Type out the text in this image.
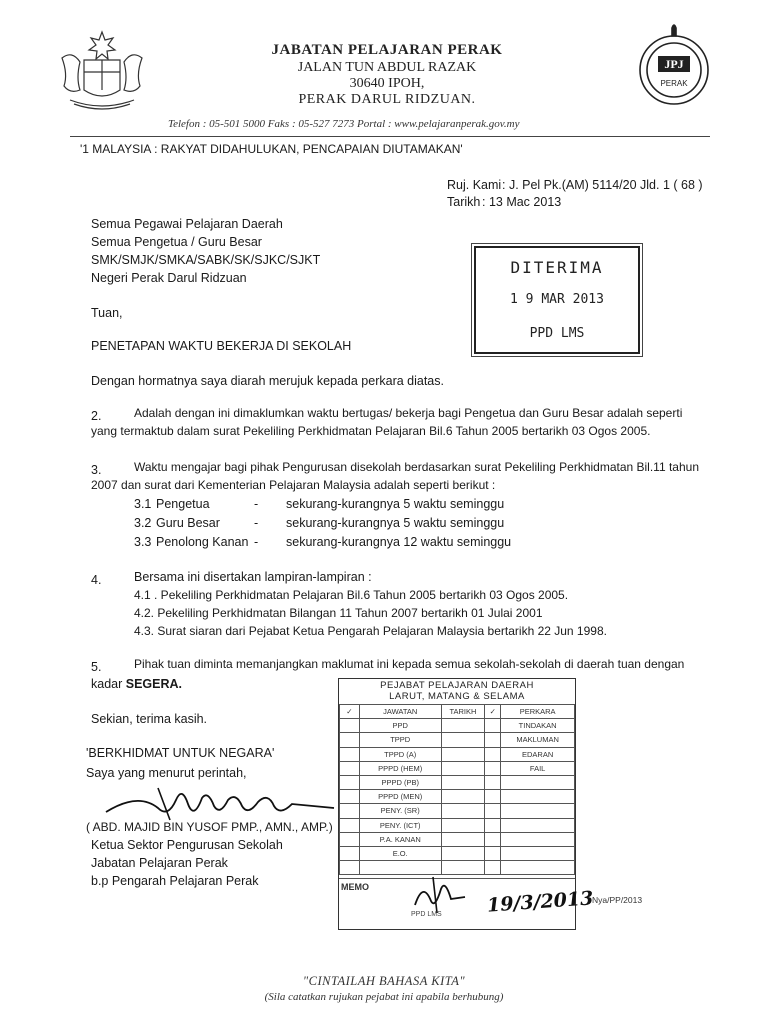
JABATAN PELAJARAN PERAK
JALAN TUN ABDUL RAZAK
30640 IPOH,
PERAK DARUL RIDZUAN.
JPJ
PERAK
Telefon : 05-501 5000 Faks : 05-527 7273 Portal : www.pelajaranperak.gov.my
'1 MALAYSIA : RAKYAT DIDAHULUKAN, PENCAPAIAN DIUTAMAKAN'
Ruj. Kami : J. Pel Pk.(AM) 5114/20 Jld. 1 ( 68 )
Tarikh : 13 Mac 2013
Semua Pegawai Pelajaran Daerah
Semua Pengetua / Guru Besar
SMK/SMJK/SMKA/SABK/SK/SJKC/SJKT
Negeri Perak Darul Ridzuan
DITERIMA
1 9 MAR 2013
PPD LMS
Tuan,
PENETAPAN WAKTU BEKERJA DI SEKOLAH
Dengan hormatnya saya diarah merujuk kepada perkara diatas.
2.	Adalah dengan ini dimaklumkan waktu bertugas/ bekerja bagi Pengetua dan Guru Besar adalah seperti
yang termaktub dalam surat Pekeliling Perkhidmatan Pelajaran Bil.6 Tahun 2005 bertarikh 03 Ogos 2005.
3.	Waktu mengajar bagi pihak Pengurusan disekolah berdasarkan surat Pekeliling Perkhidmatan Bil.11 tahun
2007 dan surat dari Kementerian Pelajaran Malaysia adalah seperti berikut :
3.1 Pengetua	- sekurang-kurangnya 5 waktu seminggu
3.2 Guru Besar	- sekurang-kurangnya 5 waktu seminggu
3.3 Penolong Kanan - sekurang-kurangnya 12 waktu seminggu
4.	Bersama ini disertakan lampiran-lampiran :
4.1 . Pekeliling Perkhidmatan Pelajaran Bil.6 Tahun 2005 bertarikh 03 Ogos 2005.
4.2. Pekeliling Perkhidmatan Bilangan 11 Tahun 2007 bertarikh 01 Julai 2001
4.3. Surat siaran dari Pejabat Ketua Pengarah Pelajaran Malaysia bertarikh 22 Jun 1998.
5.	Pihak tuan diminta memanjangkan maklumat ini kepada semua sekolah-sekolah di daerah tuan dengan
kadar SEGERA.
Sekian, terima kasih.
'BERKHIDMAT UNTUK NEGARA'
Saya yang menurut perintah,
( ABD. MAJID BIN YUSOF PMP., AMN., AMP.)
Ketua Sektor Pengurusan Sekolah
Jabatan Pelajaran Perak
b.p Pengarah Pelajaran Perak
PEJABAT PELAJARAN DAERAH
LARUT, MATANG & SELAMA
✓	JAWATAN	TARIKH	✓	PERKARA
	PPD			TINDAKAN
	TPPD			MAKLUMAN
	TPPD (A)			EDARAN
	PPPD (HEM)			FAIL
	PPPD (PB)			
	PPPD (MEN)			
	PENY. (SR)			
	PENY. (ICT)			
	P.A. KANAN			
	E.O.			

MEMO
PPD LMS 19/3/2013
Nya/PP/2013
"CINTAILAH BAHASA KITA"
(Sila catatkan rujukan pejabat ini apabila berhubung)
